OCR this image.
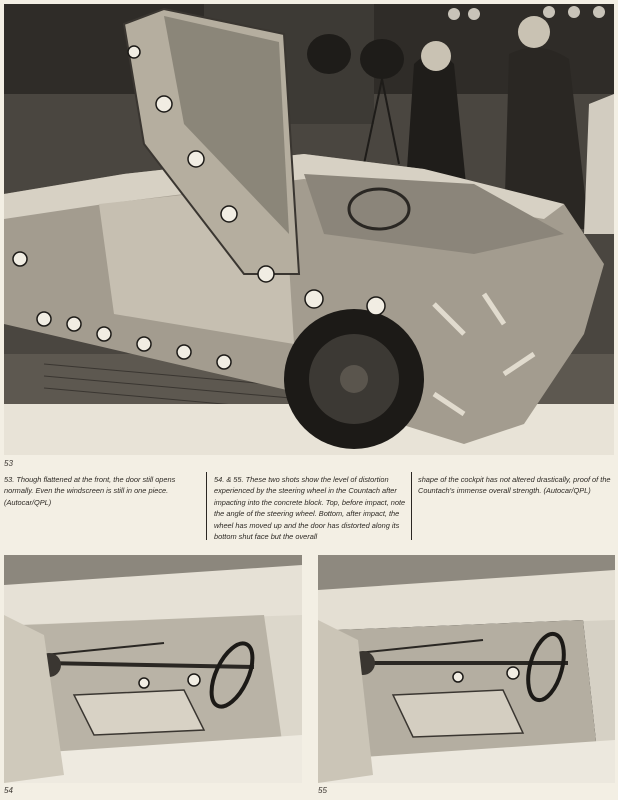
53
53. Though flattened at the front, the door still opens normally. Even the windscreen is still in one piece. (Autocar/QPL)
54. & 55. These two shots show the level of distortion experienced by the steering wheel in the Countach after impacting into the concrete block. Top, before impact, note the angle of the steering wheel. Bottom, after impact, the wheel has moved up and the door has distorted along its bottom shut face but the overall
shape of the cockpit has not altered drastically, proof of the Countach's immense overall strength. (Autocar/QPL)
54	55
